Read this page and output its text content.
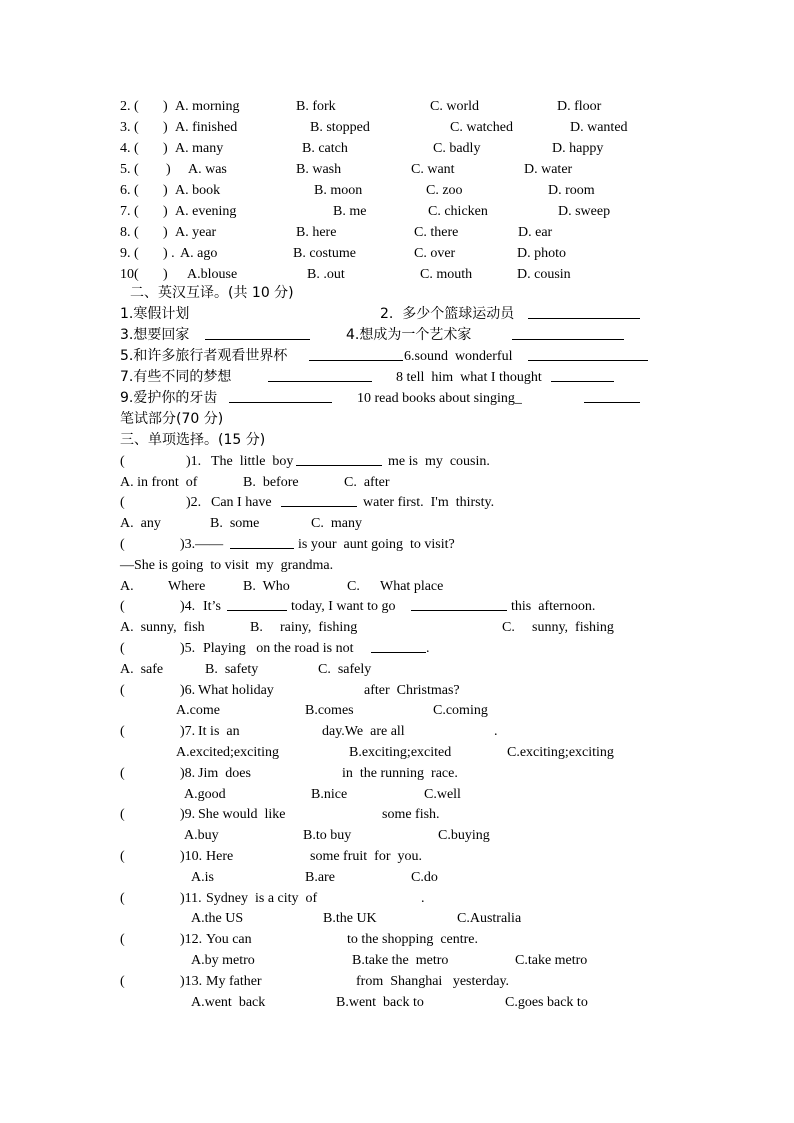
2. ( ) A. morning	B. fork	C. world	D. floor
3. ( ) A. finished	B. stopped	C. watched	D. wanted
4. ( ) A. many	B. catch	C. badly	D. happy
5. ( ) A. was	B. wash	C. want	D. water
6. ( ) A. book	B. moon	C. zoo	D. room
7. ( ) A. evening	B. me	C. chicken	D. sweep
8. ( ) A. year	B. here	C. there	D. ear
9. ( ) . A. ago	B. costume	C. over	D. photo
10( ) A.blouse	B. .out	C. mouth	D. cousin
二、英汉互译。(共 10 分)
1.寒假计划	2.  多少个篮球运动员
3.想要回家	4.想成为一个艺术家
5.和许多旅行者观看世界杯	6.sound  wonderful
7.有些不同的梦想	8 tell  him  what I thought
9.爱护你的牙齿	10 read books about singing_
笔试部分(70 分)
三、单项选择。(15 分)
(	)1. The  little  boy	me is  my  cousin.
A. in front  of	B.  before	C.  after
(	)2. Can I have	water first.  I'm  thirsty.
A.  any	B.  some	C.  many
(	)3.——	is your  aunt going  to visit?
—She is going  to visit  my  grandma.
A. Where	B.  Who	C. What place
(	)4. It’s	today, I want to go	this  afternoon.
A.  sunny,  fish	B. rainy,  fishing	C. sunny,  fishing
(	)5. Playing   on the road is not	.
A.  safe	B.  safety	C.  safely
(	)6. What holiday	after  Christmas?
A.come	B.comes	C.coming
(	)7. It is  an	day.We  are all	.
A.excited;exciting	B.exciting;excited	C.exciting;exciting
(	)8. Jim  does	in  the running  race.
A.good	B.nice	C.well
(	)9. She would  like	some fish.
A.buy	B.to buy	C.buying
(	)10. Here	some fruit  for  you.
A.is	B.are	C.do
(	)11. Sydney  is a city  of	.
A.the US	B.the UK	C.Australia
(	)12. You can	to the shopping  centre.
A.by metro	B.take the  metro	C.take metro
(	)13. My father	from  Shanghai   yesterday.
A.went  back	B.went  back to	C.goes back to
